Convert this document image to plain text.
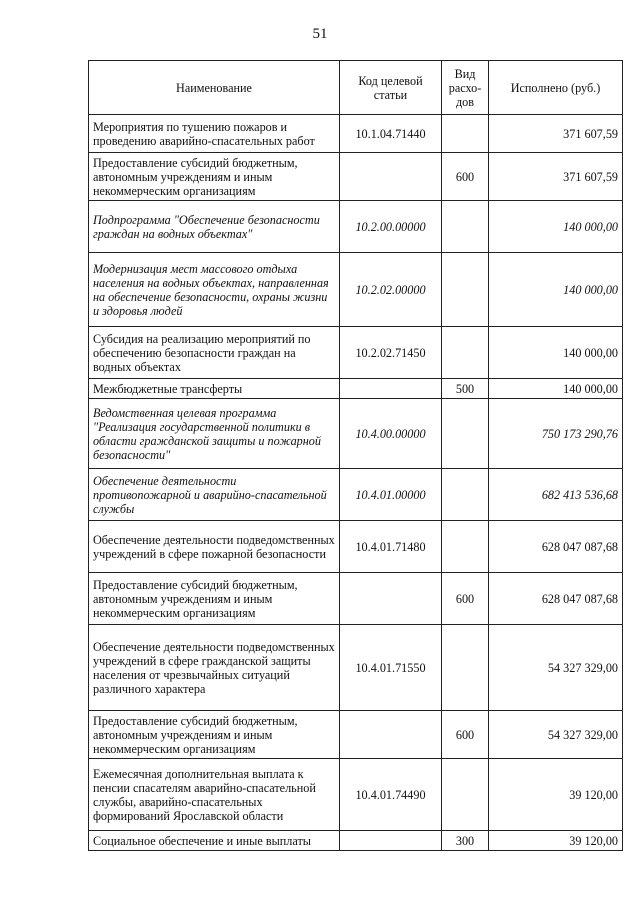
51
Наименование	Код целевой статьи	Вид расхо-дов	Исполнено (руб.)
Мероприятия по тушению пожаров и проведению аварийно-спасательных работ	10.1.04.71440		371 607,59
Предоставление субсидий бюджетным, автономным учреждениям и иным некоммерческим организациям		600	371 607,59
Подпрограмма "Обеспечение безопасности граждан на водных объектах"	10.2.00.00000		140 000,00
Модернизация мест массового отдыха населения на водных объектах, направленная на обеспечение безопасности, охраны жизни и здоровья людей	10.2.02.00000		140 000,00
Субсидия на реализацию мероприятий по обеспечению безопасности граждан на водных объектах	10.2.02.71450		140 000,00
Межбюджетные трансферты		500	140 000,00
Ведомственная целевая программа "Реализация государственной политики в области гражданской защиты и пожарной безопасности"	10.4.00.00000		750 173 290,76
Обеспечение деятельности противопожарной и аварийно-спасательной службы	10.4.01.00000		682 413 536,68
Обеспечение деятельности подведомственных учреждений в сфере пожарной безопасности	10.4.01.71480		628 047 087,68
Предоставление субсидий бюджетным, автономным учреждениям и иным некоммерческим организациям		600	628 047 087,68
Обеспечение деятельности подведомственных учреждений в сфере гражданской защиты населения от чрезвычайных ситуаций различного характера	10.4.01.71550		54 327 329,00
Предоставление субсидий бюджетным, автономным учреждениям и иным некоммерческим организациям		600	54 327 329,00
Ежемесячная дополнительная выплата к пенсии спасателям аварийно-спасательной службы, аварийно-спасательных формирований Ярославской области	10.4.01.74490		39 120,00
Социальное обеспечение и иные выплаты		300	39 120,00
